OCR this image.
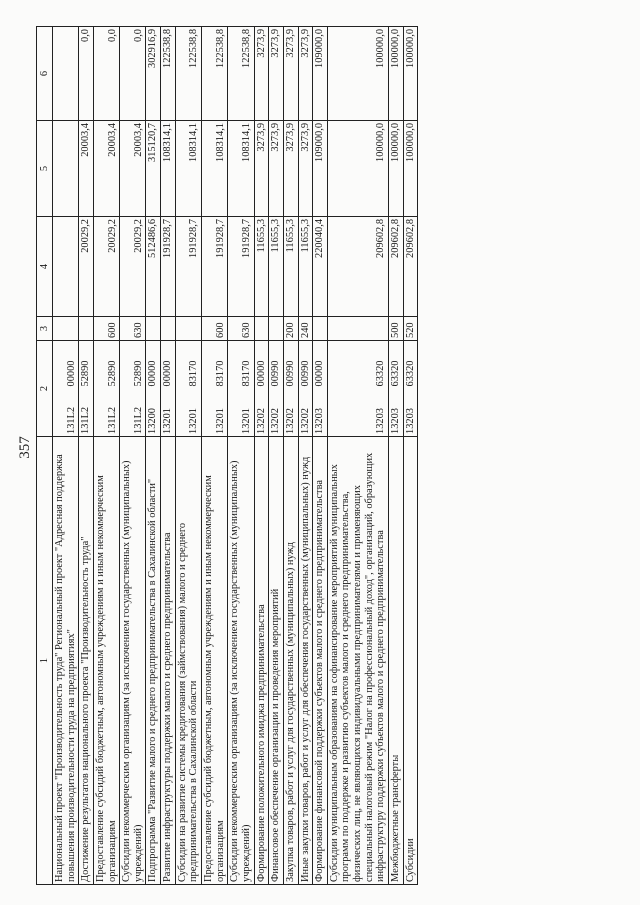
357
1	2		3	4	5	6
Национальный проект "Производительность труда" Региональный проект "Адресная поддержка повышения производительности труда на предприятиях"	131L2	00000				
Достижение результатов национального проекта "Производительность труда"	131L2	52890		20029,2	20003,4	0,0
Предоставление субсидий бюджетным, автономным учреждениям и иным некоммерческим организациям	131L2	52890	600	20029,2	20003,4	0,0
Субсидии некоммерческим организациям (за исключением государственных (муниципальных) учреждений)	131L2	52890	630	20029,2	20003,4	0,0
Подпрограмма "Развитие малого и среднего предпринимательства в Сахалинской области"	13200	00000		512486,6	315120,7	302916,9
Развитие инфраструктуры поддержки малого и среднего предпринимательства	13201	00000		191928,7	108314,1	122538,8
Субсидии на развитие системы кредитования (займствования) малого и среднего предпринимательства в Сахалинской области	13201	83170		191928,7	108314,1	122538,8
Предоставление субсидий бюджетным, автономным учреждениям и иным некоммерческим организациям	13201	83170	600	191928,7	108314,1	122538,8
Субсидии некоммерческим организациям (за исключением государственных (муниципальных) учреждений)	13201	83170	630	191928,7	108314,1	122538,8
Формирование положительного имиджа предпринимательства	13202	00000		11655,3	3273,9	3273,9
Финансовое обеспечение организации и проведения мероприятий	13202	00990		11655,3	3273,9	3273,9
Закупка товаров, работ и услуг для государственных (муниципальных) нужд	13202	00990	200	11655,3	3273,9	3273,9
Иные закупки товаров, работ и услуг для обеспечения государственных (муниципальных) нужд	13202	00990	240	11655,3	3273,9	3273,9
Формирование финансовой поддержки субъектов малого и среднего предпринимательства	13203	00000		220040,4	109000,0	109000,0
Субсидии муниципальным образованиям на софинансирование мероприятий муниципальных программ по поддержке и развитию субъектов малого и среднего предпринимательства, физических лиц, не являющихся индивидуальными предпринимателями и применяющих специальный налоговый режим "Налог на профессиональный доход", организаций, образующих инфраструктуру поддержки субъектов малого и среднего предпринимательства	13203	63320		209602,8	100000,0	100000,0
Межбюджетные трансферты	13203	63320	500	209602,8	100000,0	100000,0
Субсидии	13203	63320	520	209602,8	100000,0	100000,0
